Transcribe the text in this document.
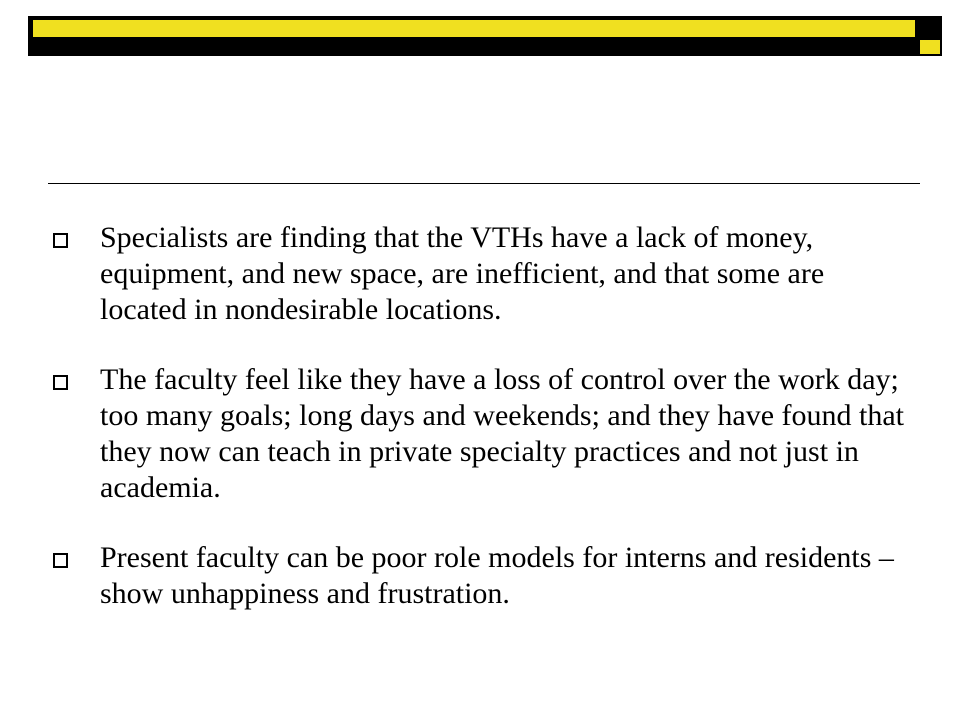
Specialists are finding that the VTHs have a lack of money, equipment, and new space, are inefficient, and that some are located in nondesirable locations.
The faculty feel like they have a loss of control over the work day; too many goals; long days and weekends; and they have found that they now can teach in private specialty practices and not just in academia.
Present faculty can be poor role models for interns and residents – show unhappiness and frustration.
